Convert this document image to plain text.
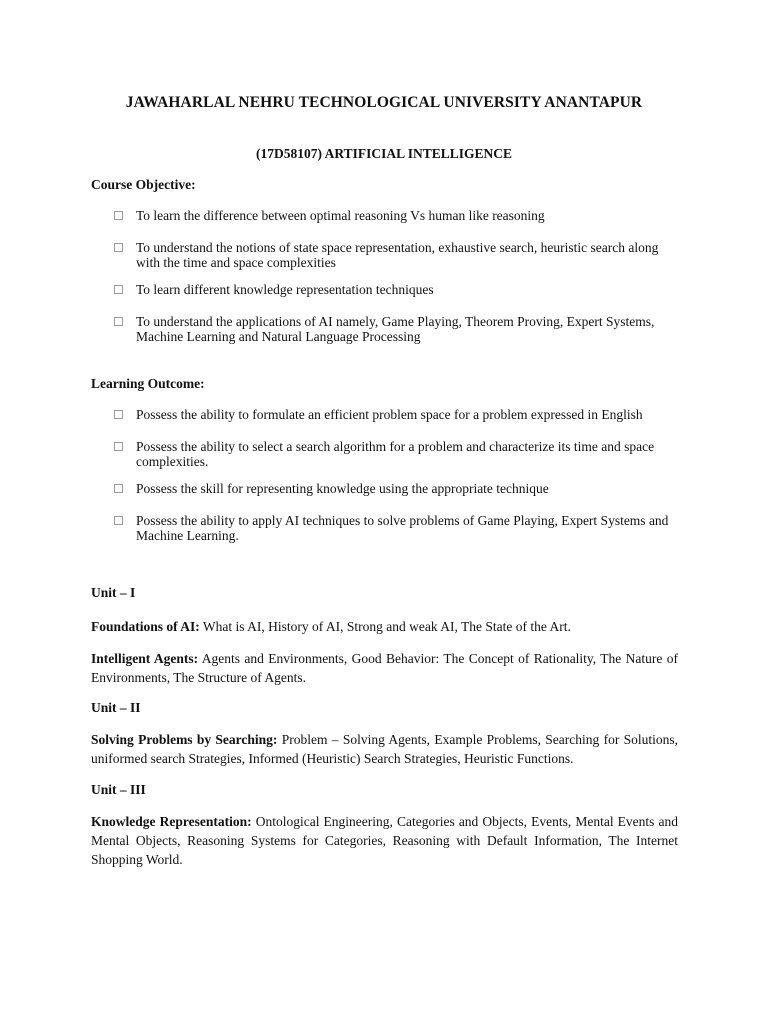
JAWAHARLAL NEHRU TECHNOLOGICAL UNIVERSITY ANANTAPUR
(17D58107) ARTIFICIAL INTELLIGENCE
Course Objective:
To learn the difference between optimal reasoning Vs human like reasoning
To understand the notions of state space representation, exhaustive search, heuristic search along with the time and space complexities
To learn different knowledge representation techniques
To understand the applications of AI namely, Game Playing, Theorem Proving, Expert Systems, Machine Learning and Natural Language Processing
Learning Outcome:
Possess the ability to formulate an efficient problem space for a problem expressed in English
Possess the ability to select a search algorithm for a problem and characterize its time and space complexities.
Possess the skill for representing knowledge using the appropriate technique
Possess the ability to apply AI techniques to solve problems of Game Playing, Expert Systems and Machine Learning.
Unit – I
Foundations of AI: What is AI, History of AI, Strong and weak AI, The State of the Art.
Intelligent Agents: Agents and Environments, Good Behavior: The Concept of Rationality, The Nature of Environments, The Structure of Agents.
Unit – II
Solving Problems by Searching: Problem – Solving Agents, Example Problems, Searching for Solutions, uniformed search Strategies, Informed (Heuristic) Search Strategies, Heuristic Functions.
Unit – III
Knowledge Representation: Ontological Engineering, Categories and Objects, Events, Mental Events and Mental Objects, Reasoning Systems for Categories, Reasoning with Default Information, The Internet Shopping World.
